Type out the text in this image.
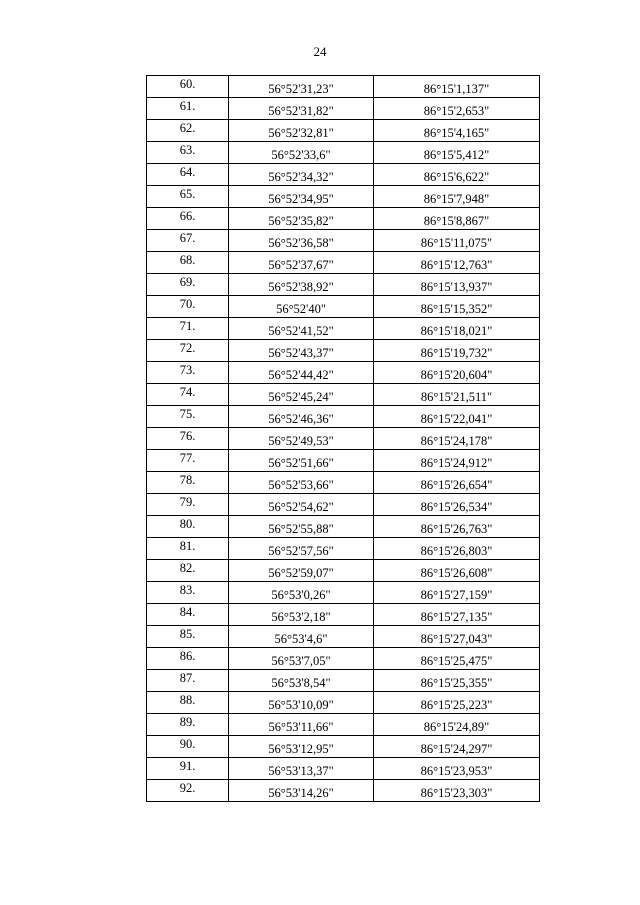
24
60.	56°52'31,23"	86°15'1,137"
61.	56°52'31,82"	86°15'2,653"
62.	56°52'32,81"	86°15'4,165"
63.	56°52'33,6"	86°15'5,412"
64.	56°52'34,32"	86°15'6,622"
65.	56°52'34,95"	86°15'7,948"
66.	56°52'35,82"	86°15'8,867"
67.	56°52'36,58"	86°15'11,075"
68.	56°52'37,67"	86°15'12,763"
69.	56°52'38,92"	86°15'13,937"
70.	56°52'40"	86°15'15,352"
71.	56°52'41,52"	86°15'18,021"
72.	56°52'43,37"	86°15'19,732"
73.	56°52'44,42"	86°15'20,604"
74.	56°52'45,24"	86°15'21,511"
75.	56°52'46,36"	86°15'22,041"
76.	56°52'49,53"	86°15'24,178"
77.	56°52'51,66"	86°15'24,912"
78.	56°52'53,66"	86°15'26,654"
79.	56°52'54,62"	86°15'26,534"
80.	56°52'55,88"	86°15'26,763"
81.	56°52'57,56"	86°15'26,803"
82.	56°52'59,07"	86°15'26,608"
83.	56°53'0,26"	86°15'27,159"
84.	56°53'2,18"	86°15'27,135"
85.	56°53'4,6"	86°15'27,043"
86.	56°53'7,05"	86°15'25,475"
87.	56°53'8,54"	86°15'25,355"
88.	56°53'10,09"	86°15'25,223"
89.	56°53'11,66"	86°15'24,89"
90.	56°53'12,95"	86°15'24,297"
91.	56°53'13,37"	86°15'23,953"
92.	56°53'14,26"	86°15'23,303"
